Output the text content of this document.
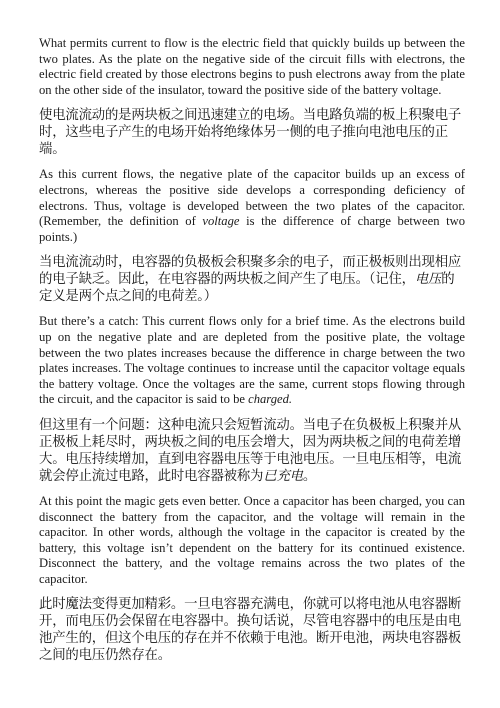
What permits current to flow is the electric field that quickly builds up between the two plates. As the plate on the negative side of the circuit fills with electrons, the electric field created by those electrons begins to push electrons away from the plate on the other side of the insulator, toward the positive side of the battery voltage.

使电流流动的是两块板之间迅速建立的电场。当电路负端的板上积聚电子时，这些电子产生的电场开始将绝缘体另一侧的电子推向电池电压的正端。

As this current flows, the negative plate of the capacitor builds up an excess of electrons, whereas the positive side develops a corresponding deficiency of electrons. Thus, voltage is developed between the two plates of the capacitor. (Remember, the definition of voltage is the difference of charge between two points.)

当电流流动时，电容器的负极板会积聚多余的电子，而正极板则出现相应的电子缺乏。因此，在电容器的两块板之间产生了电压。（记住，电压的定义是两个点之间的电荷差。）

But there’s a catch: This current flows only for a brief time. As the electrons build up on the negative plate and are depleted from the positive plate, the voltage between the two plates increases because the difference in charge between the two plates increases. The voltage continues to increase until the capacitor voltage equals the battery voltage. Once the voltages are the same, current stops flowing through the circuit, and the capacitor is said to be charged.

但这里有一个问题：这种电流只会短暂流动。当电子在负极板上积聚并从正极板上耗尽时，两块板之间的电压会增大，因为两块板之间的电荷差增大。电压持续增加，直到电容器电压等于电池电压。一旦电压相等，电流就会停止流过电路，此时电容器被称为已充电。

At this point the magic gets even better. Once a capacitor has been charged, you can disconnect the battery from the capacitor, and the voltage will remain in the capacitor. In other words, although the voltage in the capacitor is created by the battery, this voltage isn’t dependent on the battery for its continued existence. Disconnect the battery, and the voltage remains across the two plates of the capacitor.

此时魔法变得更加精彩。一旦电容器充满电，你就可以将电池从电容器断开，而电压仍会保留在电容器中。换句话说，尽管电容器中的电压是由电池产生的，但这个电压的存在并不依赖于电池。断开电池，两块电容器板之间的电压仍然存在。
